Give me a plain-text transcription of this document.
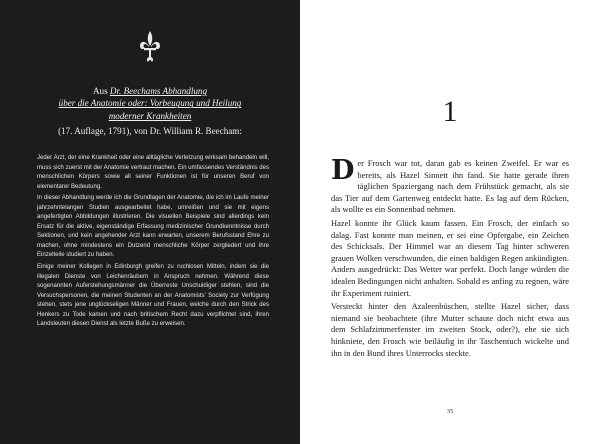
Aus Dr. Beechams Abhandlung
über die Anatomie oder: Vorbeugung und Heilung
moderner Krankheiten
(17. Auflage, 1791), von Dr. William R. Beecham:

Jeder Arzt, der eine Krankheit oder eine alltägliche Verletzung wirksam behandeln will, muss sich zuerst mit der Anatomie vertraut machen. Ein umfassendes Verständnis des menschlichen Körpers sowie all seiner Funktionen ist für unseren Beruf von elementarer Bedeutung.

In dieser Abhandlung werde ich die Grundlagen der Anatomie, die ich im Laufe meiner jahrzehntelangen Studien ausgearbeitet habe, umreißen und sie mit eigens angefertigten Abbildungen illustrieren. Die visuellen Beispiele sind allerdings kein Ersatz für die aktive, eigenständige Erfassung medizinischer Grundkenntnisse durch Sektionen, und kein angehender Arzt kann erwarten, unserem Berufsstand Ehre zu machen, ohne mindestens ein Dutzend menschliche Körper zergliedert und ihre Einzelteile studiert zu haben.

Einige meiner Kollegen in Edinburgh greifen zu ruchlosen Mitteln, indem sie die illegalen Dienste von Leichenräubern in Anspruch nehmen. Während diese sogenannten Auferstehungsmänner die Überreste Unschuldiger stehlen, sind die Versuchspersonen, die meinen Studenten an der Anatomists’ Society zur Verfügung stehen, stets jene unglückseligen Männer und Frauen, welche durch den Strick des Henkers zu Tode kamen und nach britischem Recht dazu verpflichtet sind, ihren Landsleuten diesen Dienst als letzte Buße zu erweisen.

1

Der Frosch war tot, daran gab es keinen Zweifel. Er war es bereits, als Hazel Sinnett ihn fand. Sie hatte gerade ihren täglichen Spaziergang nach dem Frühstück gemacht, als sie das Tier auf dem Gartenweg entdeckt hatte. Es lag auf dem Rücken, als wollte es ein Sonnenbad nehmen.

Hazel konnte ihr Glück kaum fassen. Ein Frosch, der einfach so dalag. Fast konnte man meinen, er sei eine Opfergabe, ein Zeichen des Schicksals. Der Himmel war an diesem Tag hinter schweren grauen Wolken verschwunden, die einen baldigen Regen ankündigten. Anders ausgedrückt: Das Wetter war perfekt. Doch lange würden die idealen Bedingungen nicht anhalten. Sobald es anfing zu regnen, wäre ihr Experiment ruiniert.

Versteckt hinter den Azaleenbüschen, stellte Hazel sicher, dass niemand sie beobachtete (ihre Mutter schaute doch nicht etwa aus dem Schlafzimmerfenster im zweiten Stock, oder?), ehe sie sich hinkniete, den Frosch wie beiläufig in ihr Taschentuch wickelte und ihn in den Bund ihres Unterrocks steckte.

35
